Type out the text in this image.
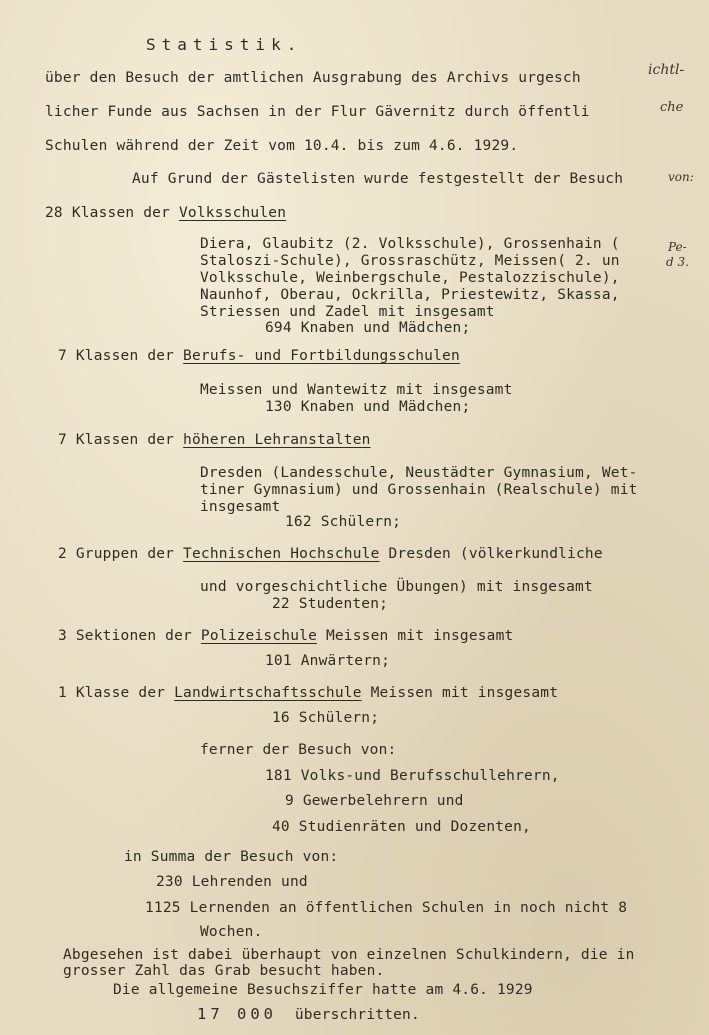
Statistik.
über den Besuch der amtlichen Ausgrabung des Archivs urgesch	ichtl-
licher Funde aus Sachsen in der Flur Gävernitz durch öffentli	che
Schulen während der Zeit vom 10.4. bis zum 4.6. 1929.
Auf Grund der Gästelisten wurde festgestellt der Besuch	von:
28 Klassen der Volksschulen
Diera, Glaubitz (2. Volksschule), Grossenhain (	Pe-
Staloszi-Schule), Grossraschütz, Meissen( 2. un	d 3.
Volksschule, Weinbergschule, Pestalozzischule),
Naunhof, Oberau, Ockrilla, Priestewitz, Skassa,
Striessen und Zadel mit insgesamt
694 Knaben und Mädchen;
7 Klassen der Berufs- und Fortbildungsschulen
Meissen und Wantewitz mit insgesamt
130 Knaben und Mädchen;
7 Klassen der höheren Lehranstalten
Dresden (Landesschule, Neustädter Gymnasium, Wet-
tiner Gymnasium) und Grossenhain (Realschule) mit
insgesamt
162 Schülern;
2 Gruppen der Technischen Hochschule Dresden (völkerkundliche
und vorgeschichtliche Übungen) mit insgesamt
22 Studenten;
3 Sektionen der Polizeischule Meissen mit insgesamt
101 Anwärtern;
1 Klasse der Landwirtschaftsschule Meissen mit insgesamt
16 Schülern;
ferner der Besuch von:
181 Volks-und Berufsschullehrern,
9 Gewerbelehrern und
40 Studienräten und Dozenten,
in Summa der Besuch von:
230 Lehrenden und
1125 Lernenden an öffentlichen Schulen in noch nicht 8
Wochen.
Abgesehen ist dabei überhaupt von einzelnen Schulkindern, die in
grosser Zahl das Grab besucht haben.
Die allgemeine Besuchsziffer hatte am 4.6. 1929
17 000 überschritten.
